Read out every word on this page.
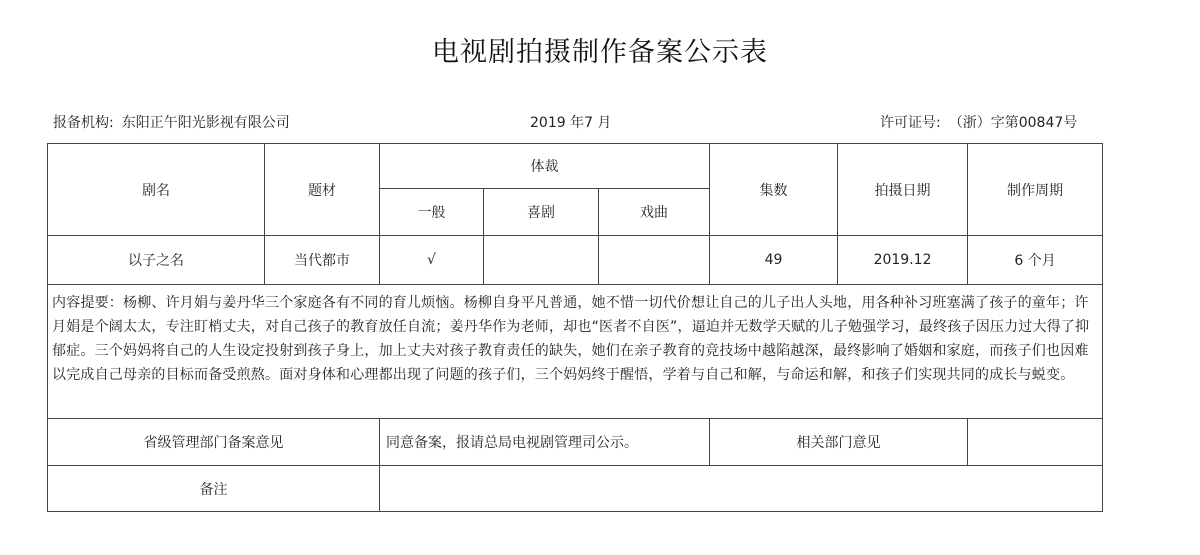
电视剧拍摄制作备案公示表
报备机构: 东阳正午阳光影视有限公司	2019 年7 月	许可证号: （浙）字第00847号
剧名	题材	体裁			集数	拍摄日期	制作周期
		一般	喜剧	戏曲			
以子之名	当代都市	√			49	2019.12	6 个月
内容提要：杨柳、许月娟与姜丹华三个家庭各有不同的育儿烦恼。杨柳自身平凡普通，她不惜一切代价想让自己的儿子出人头地，用各种补习班塞满了孩子的童年；许月娟是个阔太太，专注盯梢丈夫，对自己孩子的教育放任自流；姜丹华作为老师，却也“医者不自医”，逼迫并无数学天赋的儿子勉强学习，最终孩子因压力过大得了抑郁症。三个妈妈将自己的人生设定投射到孩子身上，加上丈夫对孩子教育责任的缺失，她们在亲子教育的竞技场中越陷越深，最终影响了婚姻和家庭，而孩子们也因难以完成自己母亲的目标而备受煎熬。面对身体和心理都出现了问题的孩子们，三个妈妈终于醒悟，学着与自己和解，与命运和解，和孩子们实现共同的成长与蜕变。							
省级管理部门备案意见		同意备案，报请总局电视剧管理司公示。			相关部门意见		
备注							
